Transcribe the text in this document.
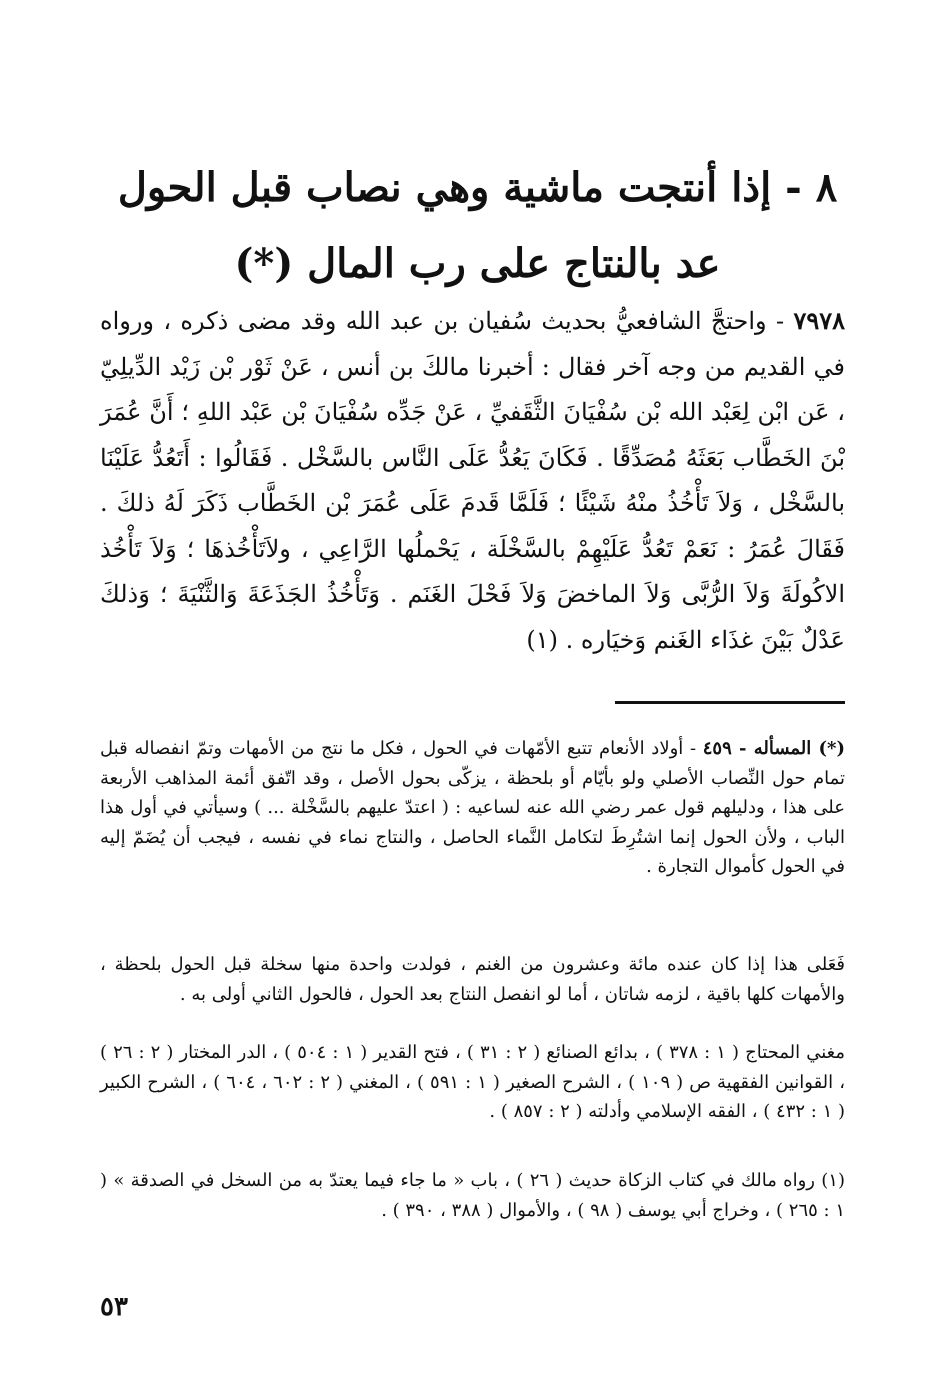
٨ - إذا أنتجت ماشية وهي نصاب قبل الحول
عد بالنتاج على رب المال (*)
٧٩٧٨ - واحتجَّ الشافعيُّ بحديث سُفيان بن عبد الله وقد مضى ذكره ، ورواه في القديم من وجه آخر فقال : أخبرنا مالكَ بن أنس ، عَنْ ثَوْر بْن زَيْد الدِّيلِيّ ، عَن ابْن لِعَبْد الله بْن سُفْيَانَ الثَّقَفيِّ ، عَنْ جَدِّه سُفْيَانَ بْن عَبْد اللهِ ؛ أَنَّ عُمَرَ بْنَ الخَطَّاب بَعَثَهُ مُصَدِّقًا . فَكَانَ يَعُدُّ عَلَى النَّاس بالسَّخْل . فَقَالُوا : أَتَعُدُّ عَلَيْنَا بالسَّخْل ، وَلاَ تَأْخُذُ منْهُ شَيْئًا ؛ فَلَمَّا قَدمَ عَلَى عُمَرَ بْن الخَطَّاب ذَكَرَ لَهُ ذلكَ . فَقَالَ عُمَرُ : نَعَمْ تَعُدُّ عَلَيْهِمْ بالسَّخْلَة ، يَحْملُها الرَّاعِي ، ولاَتَأْخُذهَا ؛ وَلاَ تَأْخُذ الاكُولَةَ وَلاَ الرُّبَّى وَلاَ الماخضَ وَلاَ فَحْلَ الغَنَم . وَتَأْخُذُ الجَذَعَةَ وَالثَّنْيَةَ ؛ وَذلكَ عَدْلٌ بَيْنَ غذَاء الغَنم وَخيَاره . (١)
(*) المسأله - ٤٥٩ - أولاد الأنعام تتبع الأمّهات في الحول ، فكل ما نتج من الأمهات وتمّ انفصاله قبل تمام حول النِّصاب الأصلي ولو بأيّام أو بلحظة ، يزكّى بحول الأصل ، وقد اتّفق أئمة المذاهب الأربعة على هذا ، ودليلهم قول عمر رضي الله عنه لساعيه : ( اعتدّ عليهم بالسَّخْلة ... ) وسيأتي في أول هذا الباب ، ولأن الحول إنما اشتُرِطَ لتكامل النَّماء الحاصل ، والنتاج نماء في نفسه ، فيجب أن يُضَمّ إليه في الحول كأموال التجارة .
فَعَلى هذا إذا كان عنده مائة وعشرون من الغنم ، فولدت واحدة منها سخلة قبل الحول بلحظة ، والأمهات كلها باقية ، لزمه شاتان ، أما لو انفصل النتاج بعد الحول ، فالحول الثاني أولى به .
مغني المحتاج ( ١ : ٣٧٨ ) ، بدائع الصنائع ( ٢ : ٣١ ) ، فتح القدير ( ١ : ٥٠٤ ) ، الدر المختار ( ٢ : ٢٦ ) ، القوانين الفقهية ص ( ١٠٩ ) ، الشرح الصغير ( ١ : ٥٩١ ) ، المغني ( ٢ : ٦٠٢ ، ٦٠٤ ) ، الشرح الكبير ( ١ : ٤٣٢ ) ، الفقه الإسلامي وأدلته ( ٢ : ٨٥٧ ) .
(١) رواه مالك في كتاب الزكاة حديث ( ٢٦ ) ، باب « ما جاء فيما يعتدّ به من السخل في الصدقة » ( ١ : ٢٦٥ ) ، وخراج أبي يوسف ( ٩٨ ) ، والأموال ( ٣٨٨ ، ٣٩٠ ) .
٥٣
